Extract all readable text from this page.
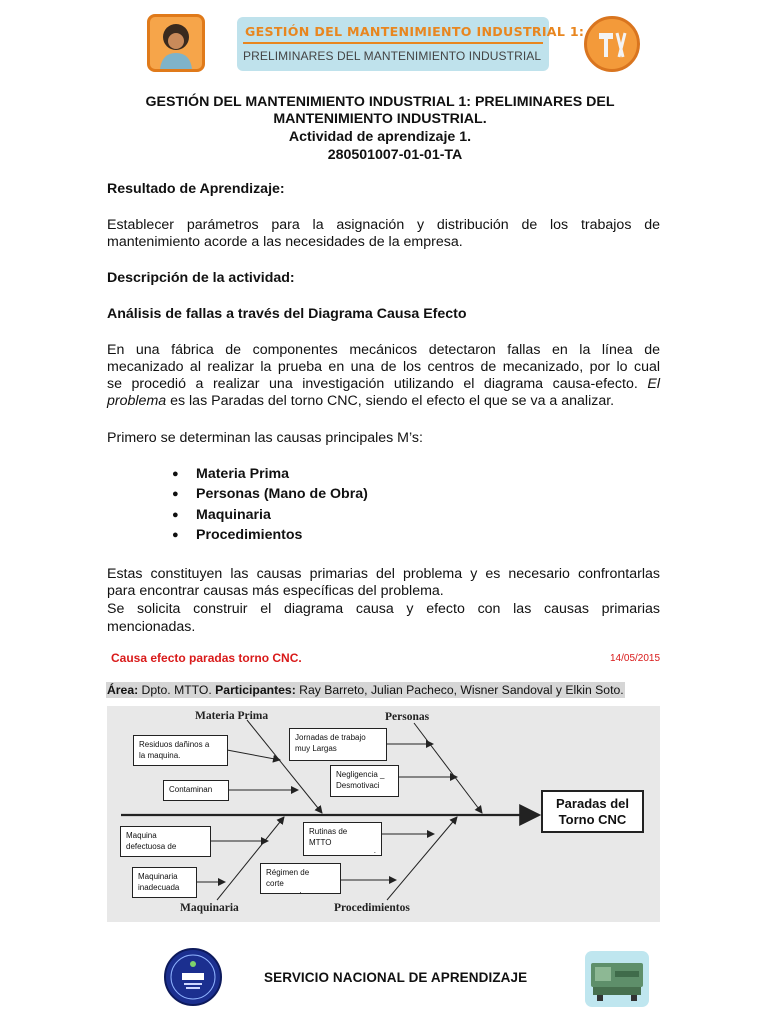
GESTIÓN DEL MANTENIMIENTO INDUSTRIAL 1:
PRELIMINARES DEL MANTENIMIENTO INDUSTRIAL
GESTIÓN DEL MANTENIMIENTO INDUSTRIAL 1: PRELIMINARES DEL
MANTENIMIENTO INDUSTRIAL.
Actividad de aprendizaje 1.
280501007-01-01-TA
Resultado de Aprendizaje:
Establecer parámetros para la asignación y distribución de los trabajos de
mantenimiento acorde a las necesidades de la empresa.
Descripción de la actividad:
Análisis de fallas a través del Diagrama Causa Efecto
En una fábrica de componentes mecánicos detectaron fallas en la línea de
mecanizado al realizar la prueba en una de los centros de mecanizado, por lo cual
se procedió a realizar una investigación utilizando el diagrama causa-efecto. El
problema es las Paradas del torno CNC, siendo el efecto el que se va a analizar.
Primero se determinan las causas principales M’s:
● Materia Prima
● Personas (Mano de Obra)
● Maquinaria
● Procedimientos
Estas constituyen las causas primarias del problema y es necesario confrontarlas
para encontrar causas más específicas del problema.
Se solicita construir el diagrama causa y efecto con las causas primarias
mencionadas.
Causa efecto paradas torno CNC.	14/05/2015
Área: Dpto. MTTO. Participantes: Ray Barreto, Julian Pacheco, Wisner Sandoval y Elkin Soto.
Materia Prima	Personas
Maquinaria	Procedimientos
Residuos dañinos a
la maquina.
Contaminan
Maquina
defectuosa de
Maquinaria
inadecuada
Jornadas de trabajo
muy Largas
Negligencia _
Desmotivaci
Rutinas de
MTTO
.
Régimen de
corte
.
Paradas del
Torno CNC
SERVICIO NACIONAL DE APRENDIZAJE
